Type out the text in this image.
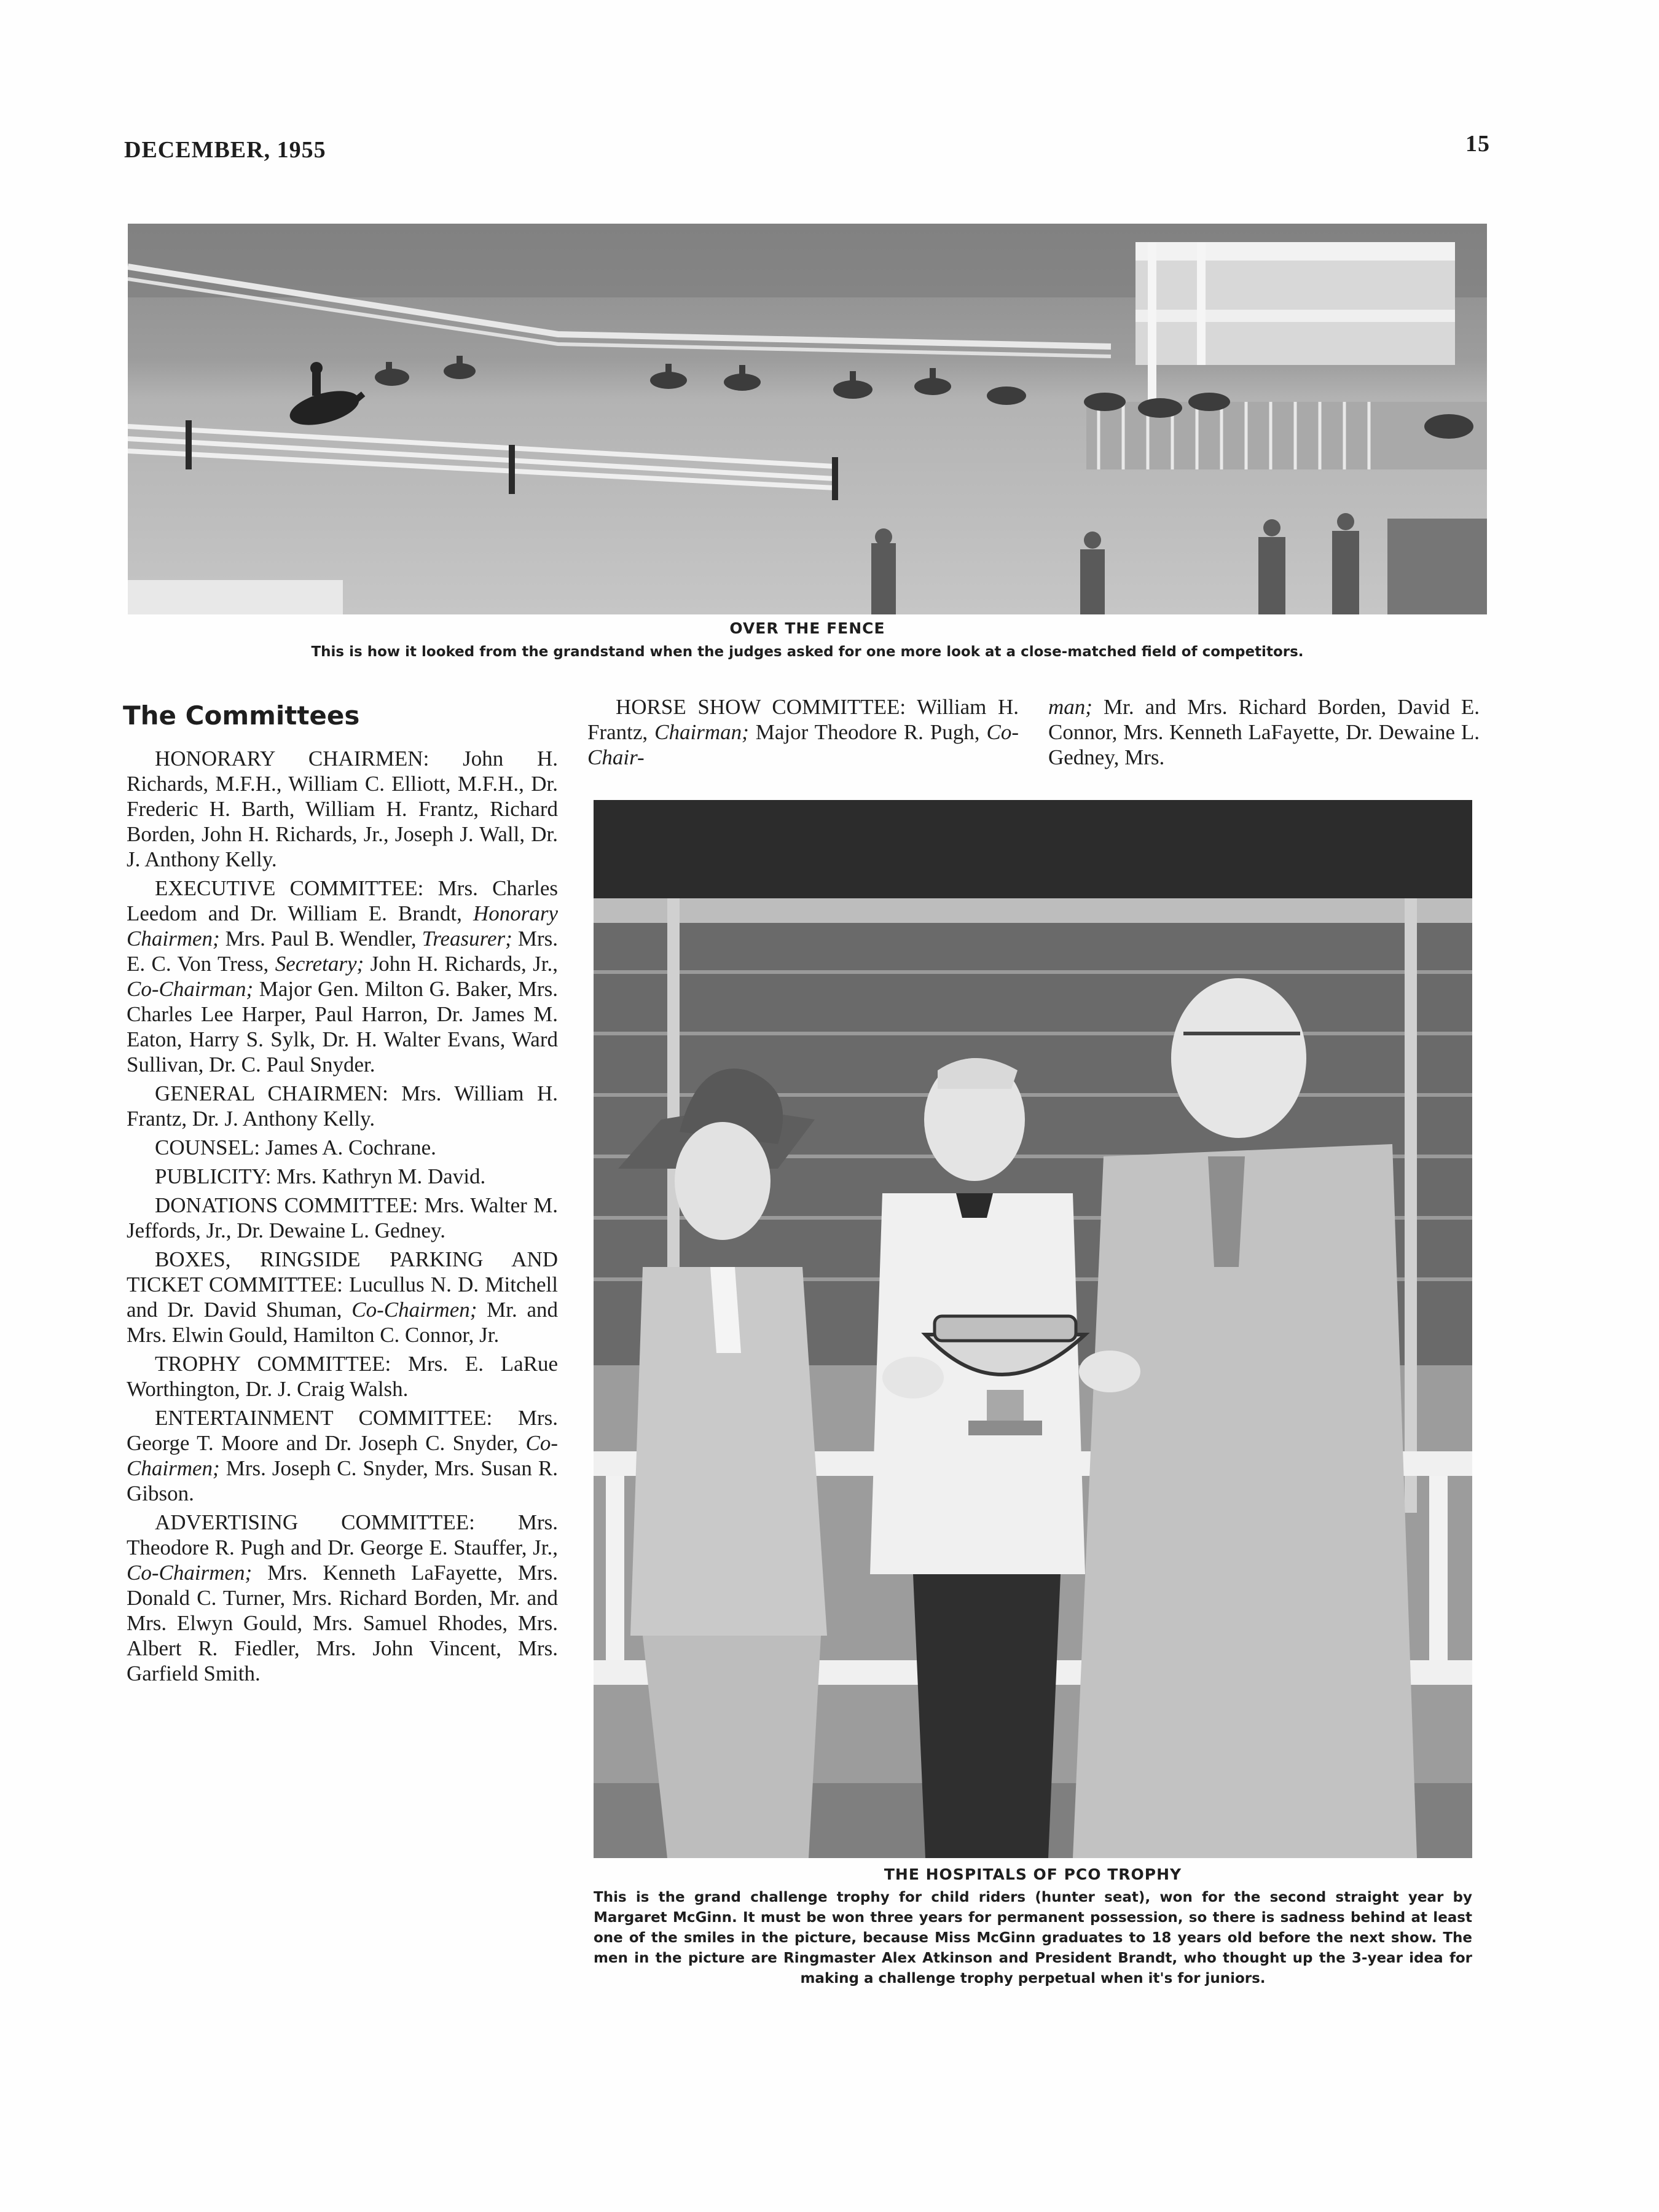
DECEMBER, 1955	15
OVER THE FENCE
This is how it looked from the grandstand when the judges asked for one more look at a close-matched field of competitors.
The Committees

HONORARY CHAIRMEN: John H. Richards, M.F.H., William C. Elliott, M.F.H., Dr. Frederic H. Barth, William H. Frantz, Richard Borden, John H. Richards, Jr., Joseph J. Wall, Dr. J. Anthony Kelly.

EXECUTIVE COMMITTEE: Mrs. Charles Leedom and Dr. William E. Brandt, Honorary Chairmen; Mrs. Paul B. Wendler, Treasurer; Mrs. E. C. Von Tress, Secretary; John H. Richards, Jr., Co-Chairman; Major Gen. Milton G. Baker, Mrs. Charles Lee Harper, Paul Harron, Dr. James M. Eaton, Harry S. Sylk, Dr. H. Walter Evans, Ward Sullivan, Dr. C. Paul Snyder.

GENERAL CHAIRMEN: Mrs. William H. Frantz, Dr. J. Anthony Kelly.

COUNSEL: James A. Cochrane.

PUBLICITY: Mrs. Kathryn M. David.

DONATIONS COMMITTEE: Mrs. Walter M. Jeffords, Jr., Dr. Dewaine L. Gedney.

BOXES, RINGSIDE PARKING AND TICKET COMMITTEE: Lucullus N. D. Mitchell and Dr. David Shuman, Co-Chairmen; Mr. and Mrs. Elwin Gould, Hamilton C. Connor, Jr.

TROPHY COMMITTEE: Mrs. E. LaRue Worthington, Dr. J. Craig Walsh.

ENTERTAINMENT COMMITTEE: Mrs. George T. Moore and Dr. Joseph C. Snyder, Co-Chairmen; Mrs. Joseph C. Snyder, Mrs. Susan R. Gibson.

ADVERTISING COMMITTEE: Mrs. Theodore R. Pugh and Dr. George E. Stauffer, Jr., Co-Chairmen; Mrs. Kenneth LaFayette, Mrs. Donald C. Turner, Mrs. Richard Borden, Mr. and Mrs. Elwyn Gould, Mrs. Samuel Rhodes, Mrs. Albert R. Fiedler, Mrs. John Vincent, Mrs. Garfield Smith.

HORSE SHOW COMMITTEE: William H. Frantz, Chairman; Major Theodore R. Pugh, Co-Chair-

man; Mr. and Mrs. Richard Borden, David E. Connor, Mrs. Kenneth LaFayette, Dr. Dewaine L. Gedney, Mrs.

THE HOSPITALS OF PCO TROPHY
This is the grand challenge trophy for child riders (hunter seat), won for the second straight year by Margaret McGinn. It must be won three years for permanent possession, so there is sadness behind at least one of the smiles in the picture, because Miss McGinn graduates to 18 years old before the next show. The men in the picture are Ringmaster Alex Atkinson and President Brandt, who thought up the 3-year idea for making a challenge trophy perpetual when it's for juniors.
